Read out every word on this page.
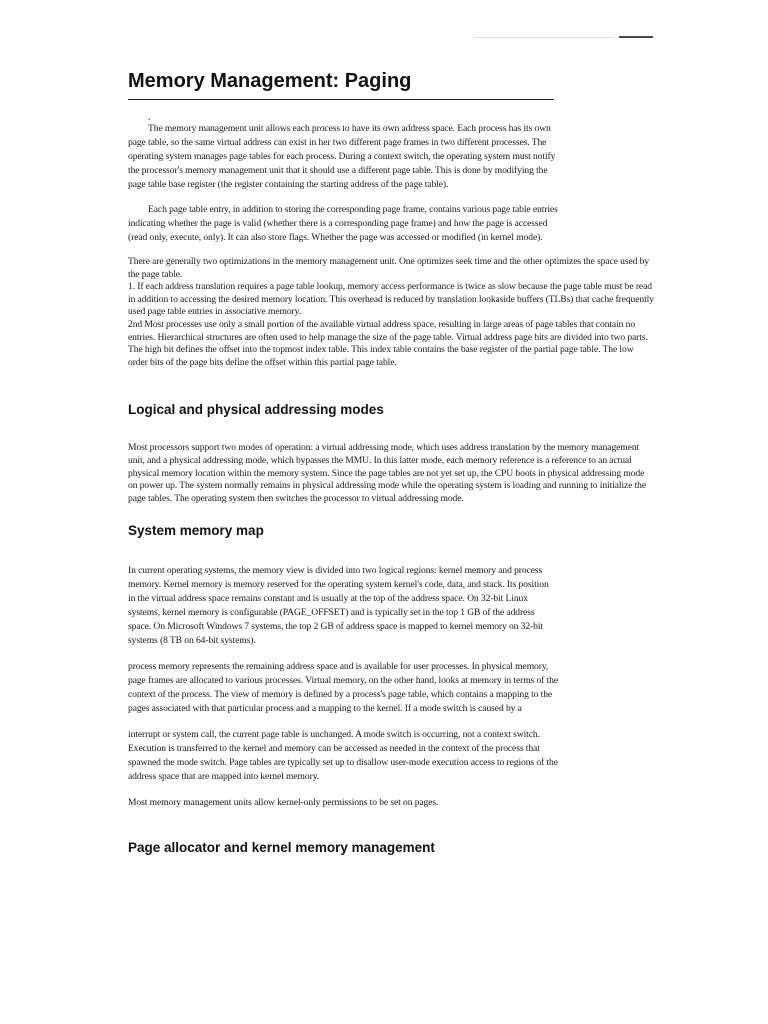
Memory Management: Paging
.

The memory management unit allows each process to have its own address space. Each process has its own page table, so the same virtual address can exist in her two different page frames in two different processes. The operating system manages page tables for each process. During a context switch, the operating system must notify the processor's memory management unit that it should use a different page table. This is done by modifying the page table base register (the register containing the starting address of the page table).

Each page table entry, in addition to storing the corresponding page frame, contains various page table entries indicating whether the page is valid (whether there is a corresponding page frame) and how the page is accessed (read only, execute, only). It can also store flags. Whether the page was accessed or modified (in kernel mode).

There are generally two optimizations in the memory management unit. One optimizes seek time and the other optimizes the space used by the page table.

1. If each address translation requires a page table lookup, memory access performance is twice as slow because the page table must be read in addition to accessing the desired memory location. This overhead is reduced by translation lookaside buffers (TLBs) that cache frequently used page table entries in associative memory.

2nd Most processes use only a small portion of the available virtual address space, resulting in large areas of page tables that contain no entries. Hierarchical structures are often used to help manage the size of the page table. Virtual address page bits are divided into two parts. The high bit defines the offset into the topmost index table. This index table contains the base register of the partial page table. The low order bits of the page bits define the offset within this partial page table.

Logical and physical addressing modes

Most processors support two modes of operation: a virtual addressing mode, which uses address translation by the memory management unit, and a physical addressing mode, which bypasses the MMU. In this latter mode, each memory reference is a reference to an actual physical memory location within the memory system. Since the page tables are not yet set up, the CPU boots in physical addressing mode on power up. The system normally remains in physical addressing mode while the operating system is loading and running to initialize the page tables. The operating system then switches the processor to virtual addressing mode.

System memory map

In current operating systems, the memory view is divided into two logical regions: kernel memory and process memory. Kernel memory is memory reserved for the operating system kernel's code, data, and stack. Its position in the virtual address space remains constant and is usually at the top of the address space. On 32-bit Linux systems, kernel memory is configurable (PAGE_OFFSET) and is typically set in the top 1 GB of the address space. On Microsoft Windows 7 systems, the top 2 GB of address space is mapped to kernel memory on 32-bit systems (8 TB on 64-bit systems).

process memory represents the remaining address space and is available for user processes. In physical memory, page frames are allocated to various processes. Virtual memory, on the other hand, looks at memory in terms of the context of the process. The view of memory is defined by a process's page table, which contains a mapping to the pages associated with that particular process and a mapping to the kernel. If a mode switch is caused by a

interrupt or system call, the current page table is unchanged. A mode switch is occurring, not a context switch. Execution is transferred to the kernel and memory can be accessed as needed in the context of the process that spawned the mode switch. Page tables are typically set up to disallow user-mode execution access to regions of the address space that are mapped into kernel memory.

Most memory management units allow kernel-only permissions to be set on pages.

Page allocator and kernel memory management
